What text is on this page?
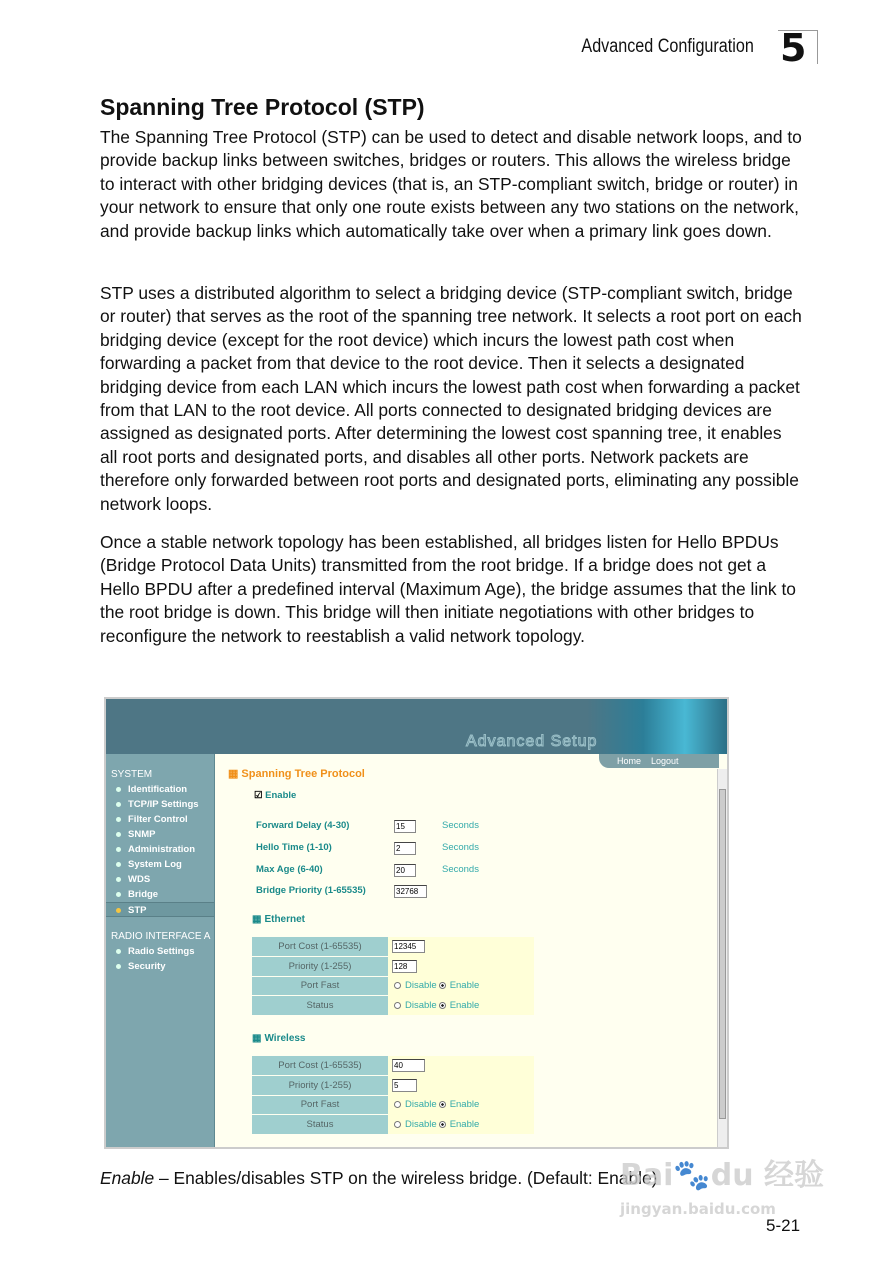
Advanced Configuration 5
Spanning Tree Protocol (STP)

The Spanning Tree Protocol (STP) can be used to detect and disable network loops, and to provide backup links between switches, bridges or routers. This allows the wireless bridge to interact with other bridging devices (that is, an STP-compliant switch, bridge or router) in your network to ensure that only one route exists between any two stations on the network, and provide backup links which automatically take over when a primary link goes down.

STP uses a distributed algorithm to select a bridging device (STP-compliant switch, bridge or router) that serves as the root of the spanning tree network. It selects a root port on each bridging device (except for the root device) which incurs the lowest path cost when forwarding a packet from that device to the root device. Then it selects a designated bridging device from each LAN which incurs the lowest path cost when forwarding a packet from that LAN to the root device. All ports connected to designated bridging devices are assigned as designated ports. After determining the lowest cost spanning tree, it enables all root ports and designated ports, and disables all other ports. Network packets are therefore only forwarded between root ports and designated ports, eliminating any possible network loops.

Once a stable network topology has been established, all bridges listen for Hello BPDUs (Bridge Protocol Data Units) transmitted from the root bridge. If a bridge does not get a Hello BPDU after a predefined interval (Maximum Age), the bridge assumes that the link to the root bridge is down. This bridge will then initiate negotiations with other bridges to reconfigure the network to reestablish a valid network topology.

Advanced Setup
Home Logout
SYSTEM
Identification
TCP/IP Settings
Filter Control
SNMP
Administration
System Log
WDS
Bridge
STP
RADIO INTERFACE A
Radio Settings
Security
▦ Spanning Tree Protocol
☑ Enable
Forward Delay (4-30)	15	Seconds
Hello Time (1-10)	2	Seconds
Max Age (6-40)	20	Seconds
Bridge Priority (1-65535)	32768
▦ Ethernet
Port Cost (1-65535)	12345
Priority (1-255)	128
Port Fast	Disable Enable
Status	Disable Enable
▦ Wireless
Port Cost (1-65535)	40
Priority (1-255)	5
Port Fast	Disable Enable
Status	Disable Enable
Enable – Enables/disables STP on the wireless bridge. (Default: Enable)
5-21
Bai🐾du 经验
jingyan.baidu.com
